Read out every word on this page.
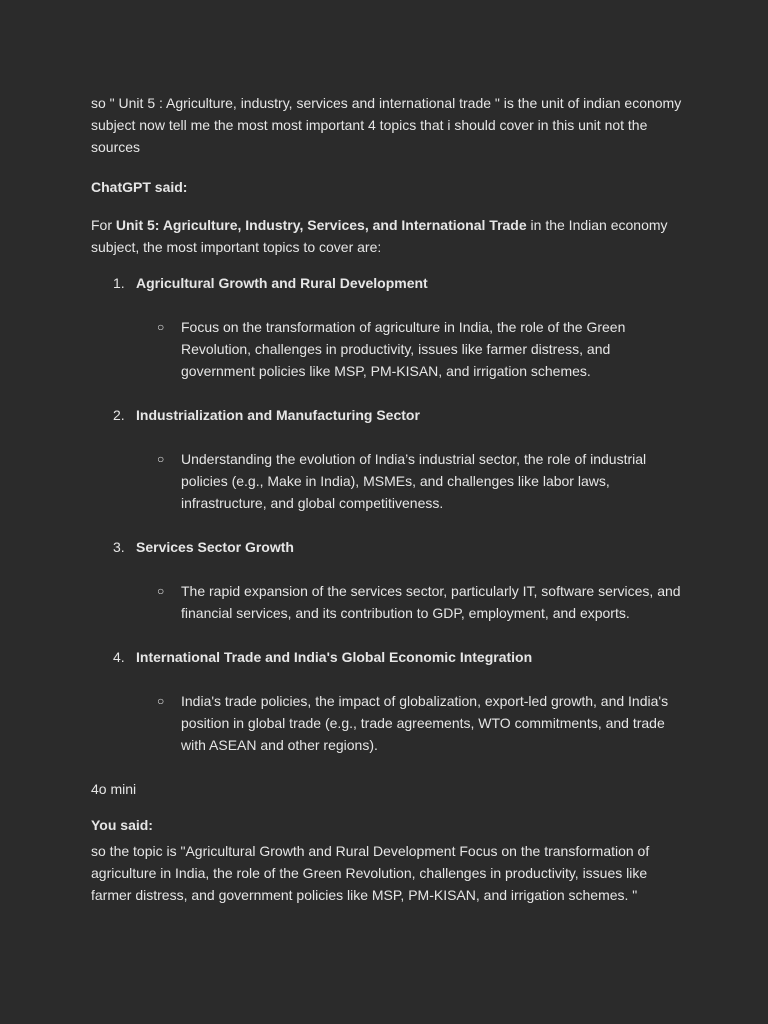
so " Unit 5 : Agriculture, industry, services and international trade " is the unit of indian economy subject now tell me the most most important 4 topics that i should cover in this unit not the sources

ChatGPT said:

For Unit 5: Agriculture, Industry, Services, and International Trade in the Indian economy subject, the most important topics to cover are:

1. Agricultural Growth and Rural Development
○	Focus on the transformation of agriculture in India, the role of the Green Revolution, challenges in productivity, issues like farmer distress, and government policies like MSP, PM-KISAN, and irrigation schemes.
2. Industrialization and Manufacturing Sector
○	Understanding the evolution of India’s industrial sector, the role of industrial policies (e.g., Make in India), MSMEs, and challenges like labor laws, infrastructure, and global competitiveness.
3. Services Sector Growth
○	The rapid expansion of the services sector, particularly IT, software services, and financial services, and its contribution to GDP, employment, and exports.
4. International Trade and India's Global Economic Integration
○	India's trade policies, the impact of globalization, export-led growth, and India's position in global trade (e.g., trade agreements, WTO commitments, and trade with ASEAN and other regions).

4o mini

You said:

so the topic is "Agricultural Growth and Rural Development Focus on the transformation of agriculture in India, the role of the Green Revolution, challenges in productivity, issues like farmer distress, and government policies like MSP, PM-KISAN, and irrigation schemes. "
